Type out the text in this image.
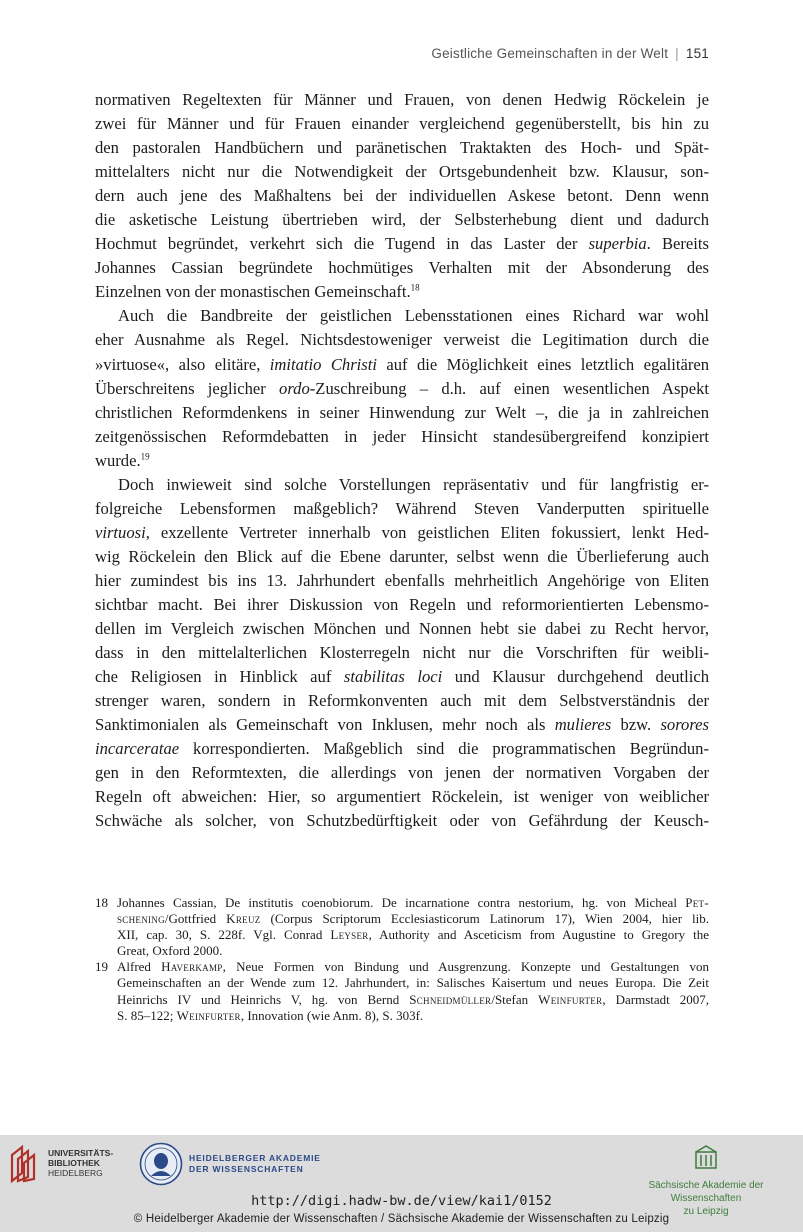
Geistliche Gemeinschaften in der Welt | 151

normativen Regeltexten für Männer und Frauen, von denen Hedwig Röckelein je
zwei für Männer und für Frauen einander vergleichend gegenüberstellt, bis hin zu
den pastoralen Handbüchern und paränetischen Traktakten des Hoch- und Spät-
mittelalters nicht nur die Notwendigkeit der Ortsgebundenheit bzw. Klausur, son-
dern auch jene des Maßhaltens bei der individuellen Askese betont. Denn wenn
die asketische Leistung übertrieben wird, der Selbsterhebung dient und dadurch
Hochmut begründet, verkehrt sich die Tugend in das Laster der superbia. Bereits
Johannes Cassian begründete hochmütiges Verhalten mit der Absonderung des
Einzelnen von der monastischen Gemeinschaft.$^{18}$

Auch die Bandbreite der geistlichen Lebensstationen eines Richard war wohl
eher Ausnahme als Regel. Nichtsdestoweniger verweist die Legitimation durch die
»virtuose«, also elitäre, imitatio Christi auf die Möglichkeit eines letztlich egalitären
Überschreitens jeglicher ordo-Zuschreibung – d.h. auf einen wesentlichen Aspekt
christlichen Reformdenkens in seiner Hinwendung zur Welt –, die ja in zahlreichen
zeitgenössischen Reformdebatten in jeder Hinsicht standesübergreifend konzipiert
wurde.$^{19}$

Doch inwieweit sind solche Vorstellungen repräsentativ und für langfristig er-
folgreiche Lebensformen maßgeblich? Während Steven Vanderputten spirituelle
virtuosi, exzellente Vertreter innerhalb von geistlichen Eliten fokussiert, lenkt Hed-
wig Röckelein den Blick auf die Ebene darunter, selbst wenn die Überlieferung auch
hier zumindest bis ins 13. Jahrhundert ebenfalls mehrheitlich Angehörige von Eliten
sichtbar macht. Bei ihrer Diskussion von Regeln und reformorientierten Lebensmo-
dellen im Vergleich zwischen Mönchen und Nonnen hebt sie dabei zu Recht hervor,
dass in den mittelalterlichen Klosterregeln nicht nur die Vorschriften für weibli-
che Religiosen in Hinblick auf stabilitas loci und Klausur durchgehend deutlich
strenger waren, sondern in Reformkonventen auch mit dem Selbstverständnis der
Sanktimonialen als Gemeinschaft von Inklusen, mehr noch als mulieres bzw. sorores
incarceratae korrespondierten. Maßgeblich sind die programmatischen Begründun-
gen in den Reformtexten, die allerdings von jenen der normativen Vorgaben der
Regeln oft abweichen: Hier, so argumentiert Röckelein, ist weniger von weiblicher
Schwäche als solcher, von Schutzbedürftigkeit oder von Gefährdung der Keusch-

18 Johannes Cassian, De institutis coenobiorum. De incarnatione contra nestorium, hg. von Micheal Pet-
schening/Gottfried Kreuz (Corpus Scriptorum Ecclesiasticorum Latinorum 17), Wien 2004, hier lib.
XII, cap. 30, S. 228f. Vgl. Conrad Leyser, Authority and Asceticism from Augustine to Gregory the
Great, Oxford 2000.
19 Alfred Haverkamp, Neue Formen von Bindung und Ausgrenzung. Konzepte und Gestaltungen von
Gemeinschaften an der Wende zum 12. Jahrhundert, in: Salisches Kaisertum und neues Europa. Die Zeit
Heinrichs IV und Heinrichs V, hg. von Bernd Schneidmüller/Stefan Weinfurter, Darmstadt 2007,
S. 85–122; Weinfurter, Innovation (wie Anm. 8), S. 303f.
UNIVERSITÄTS-
BIBLIOTHEK
HEIDELBERG
HEIDELBERGER AKADEMIE
DER WISSENSCHAFTEN
Sächsische Akademie der Wissenschaften
zu Leipzig
http://digi.hadw-bw.de/view/kai1/0152
© Heidelberger Akademie der Wissenschaften / Sächsische Akademie der Wissenschaften zu Leipzig
